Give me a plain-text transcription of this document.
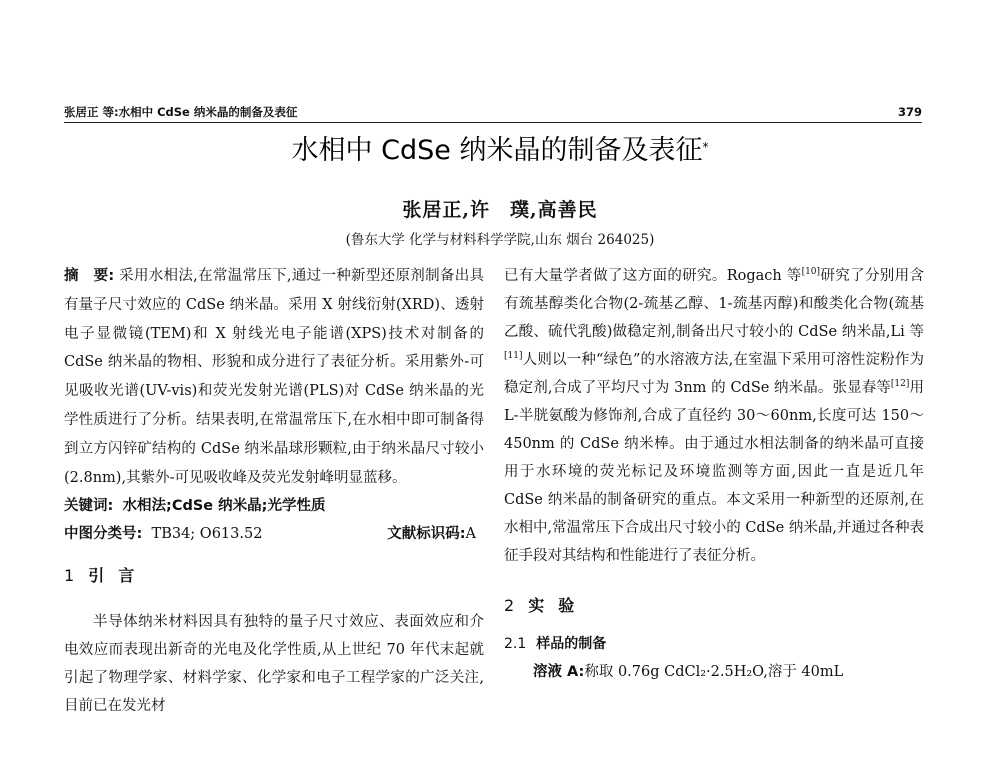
张居正 等:水相中 CdSe 纳米晶的制备及表征	379
水相中 CdSe 纳米晶的制备及表征*
张居正,许　璞,高善民
(鲁东大学 化学与材料科学学院,山东 烟台 264025)

摘　要: 采用水相法,在常温常压下,通过一种新型还原剂制备出具有量子尺寸效应的 CdSe 纳米晶。采用 X 射线衍射(XRD)、透射电子显微镜(TEM)和 X 射线光电子能谱(XPS)技术对制备的 CdSe 纳米晶的物相、形貌和成分进行了表征分析。采用紫外-可见吸收光谱(UV-vis)和荧光发射光谱(PLS)对 CdSe 纳米晶的光学性质进行了分析。结果表明,在常温常压下,在水相中即可制备得到立方闪锌矿结构的 CdSe 纳米晶球形颗粒,由于纳米晶尺寸较小(2.8nm),其紫外-可见吸收峰及荧光发射峰明显蓝移。

关键词: 水相法;CdSe 纳米晶;光学性质
中图分类号: TB34; O613.52	文献标识码:A
1 引言

半导体纳米材料因具有独特的量子尺寸效应、表面效应和介电效应而表现出新奇的光电及化学性质,从上世纪 70 年代末起就引起了物理学家、材料学家、化学家和电子工程学家的广泛关注,目前已在发光材

已有大量学者做了这方面的研究。Rogach 等[10]研究了分别用含有巯基醇类化合物(2-巯基乙醇、1-巯基丙醇)和酸类化合物(巯基乙酸、硫代乳酸)做稳定剂,制备出尺寸较小的 CdSe 纳米晶,Li 等[11]人则以一种“绿色”的水溶液方法,在室温下采用可溶性淀粉作为稳定剂,合成了平均尺寸为 3nm 的 CdSe 纳米晶。张显春等[12]用 L-半胱氨酸为修饰剂,合成了直径约 30～60nm,长度可达 150～450nm 的 CdSe 纳米棒。由于通过水相法制备的纳米晶可直接用于水环境的荧光标记及环境监测等方面,因此一直是近几年 CdSe 纳米晶的制备研究的重点。本文采用一种新型的还原剂,在水相中,常温常压下合成出尺寸较小的 CdSe 纳米晶,并通过各种表征手段对其结构和性能进行了表征分析。

2 实验
2.1 样品的制备

溶液 A:称取 0.76g CdCl₂·2.5H₂O,溶于 40mL
